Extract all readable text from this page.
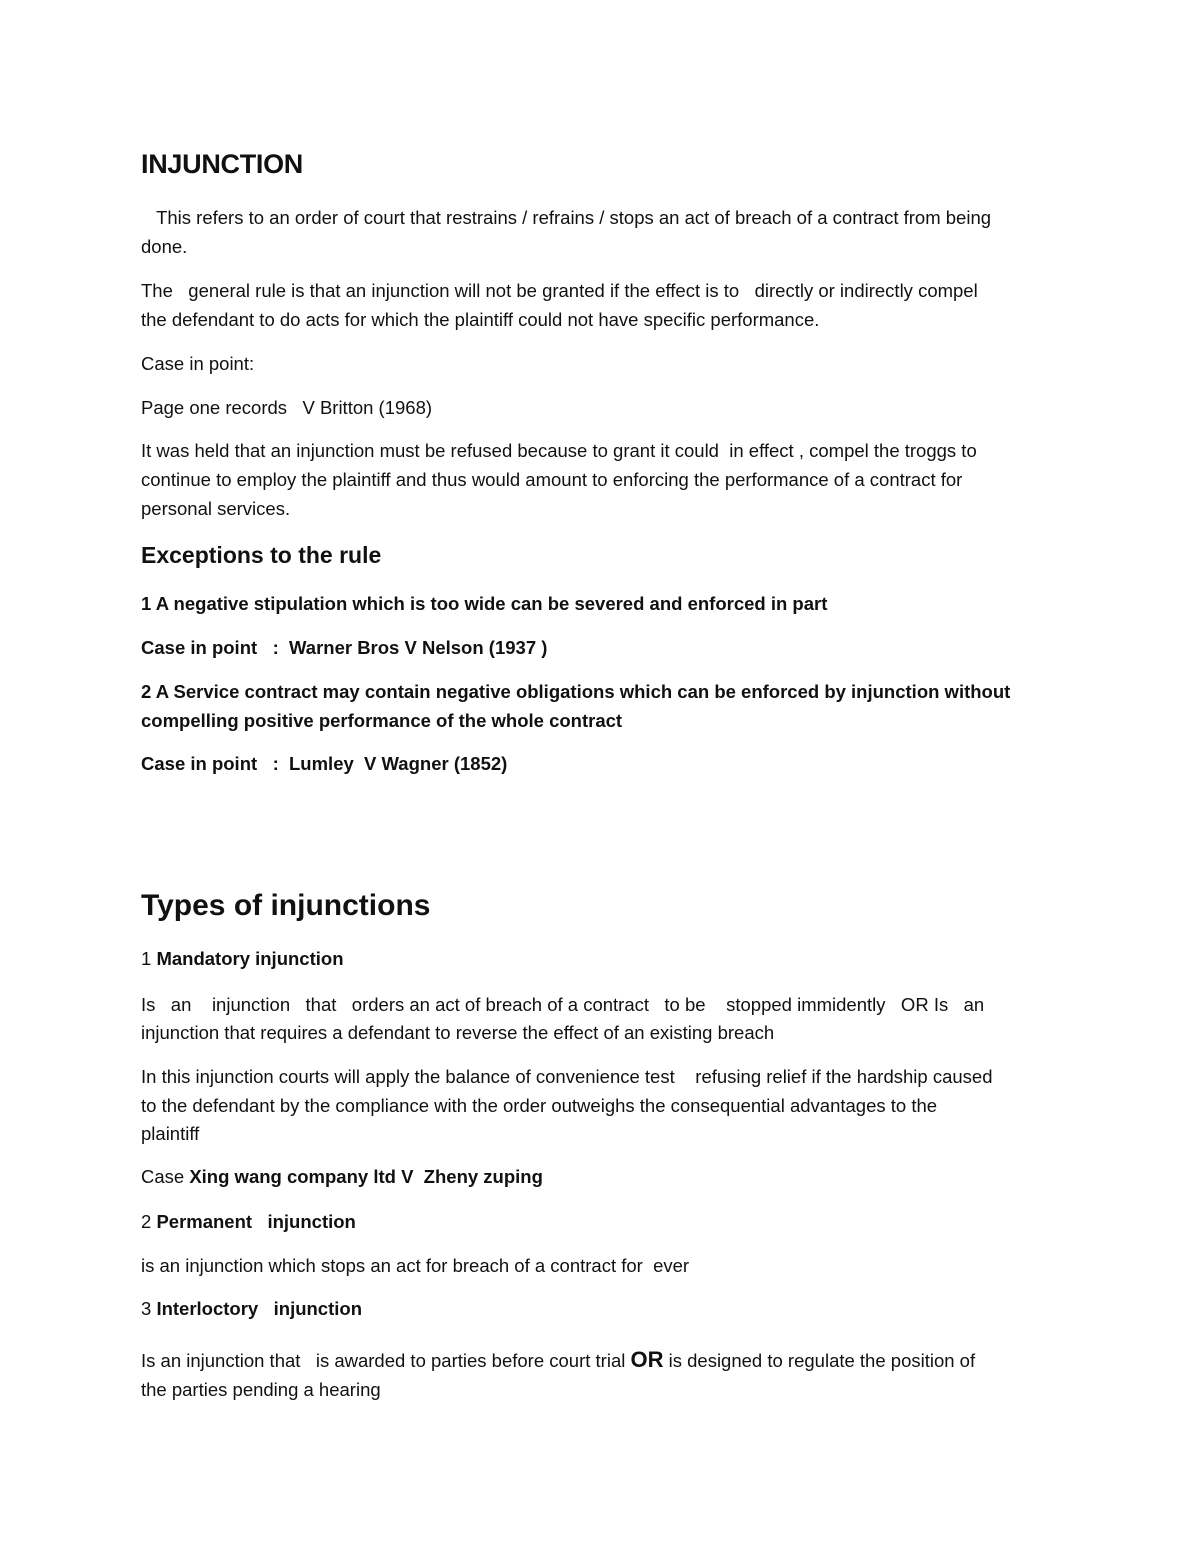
INJUNCTION

This refers to an order of court that restrains / refrains / stops an act of breach of a contract from being

done.

The   general rule is that an injunction will not be granted if the effect is to   directly or indirectly compel

the defendant to do acts for which the plaintiff could not have specific performance.

Case in point:

Page one records   V Britton (1968)

It was held that an injunction must be refused because to grant it could  in effect , compel the troggs to

continue to employ the plaintiff and thus would amount to enforcing the performance of a contract for

personal services.

Exceptions to the rule

1 A negative stipulation which is too wide can be severed and enforced in part

Case in point   :  Warner Bros V Nelson (1937 )

2 A Service contract may contain negative obligations which can be enforced by injunction without

compelling positive performance of the whole contract

Case in point   :  Lumley  V Wagner (1852)

Types of injunctions

1 Mandatory injunction

Is   an    injunction   that   orders an act of breach of a contract   to be    stopped immidently   OR Is   an

injunction that requires a defendant to reverse the effect of an existing breach

In this injunction courts will apply the balance of convenience test    refusing relief if the hardship caused

to the defendant by the compliance with the order outweighs the consequential advantages to the

plaintiff

Case Xing wang company ltd V  Zheny zuping

2 Permanent   injunction

is an injunction which stops an act for breach of a contract for  ever

3 Interloctory   injunction

Is an injunction that   is awarded to parties before court trial OR is designed to regulate the position of

the parties pending a hearing
